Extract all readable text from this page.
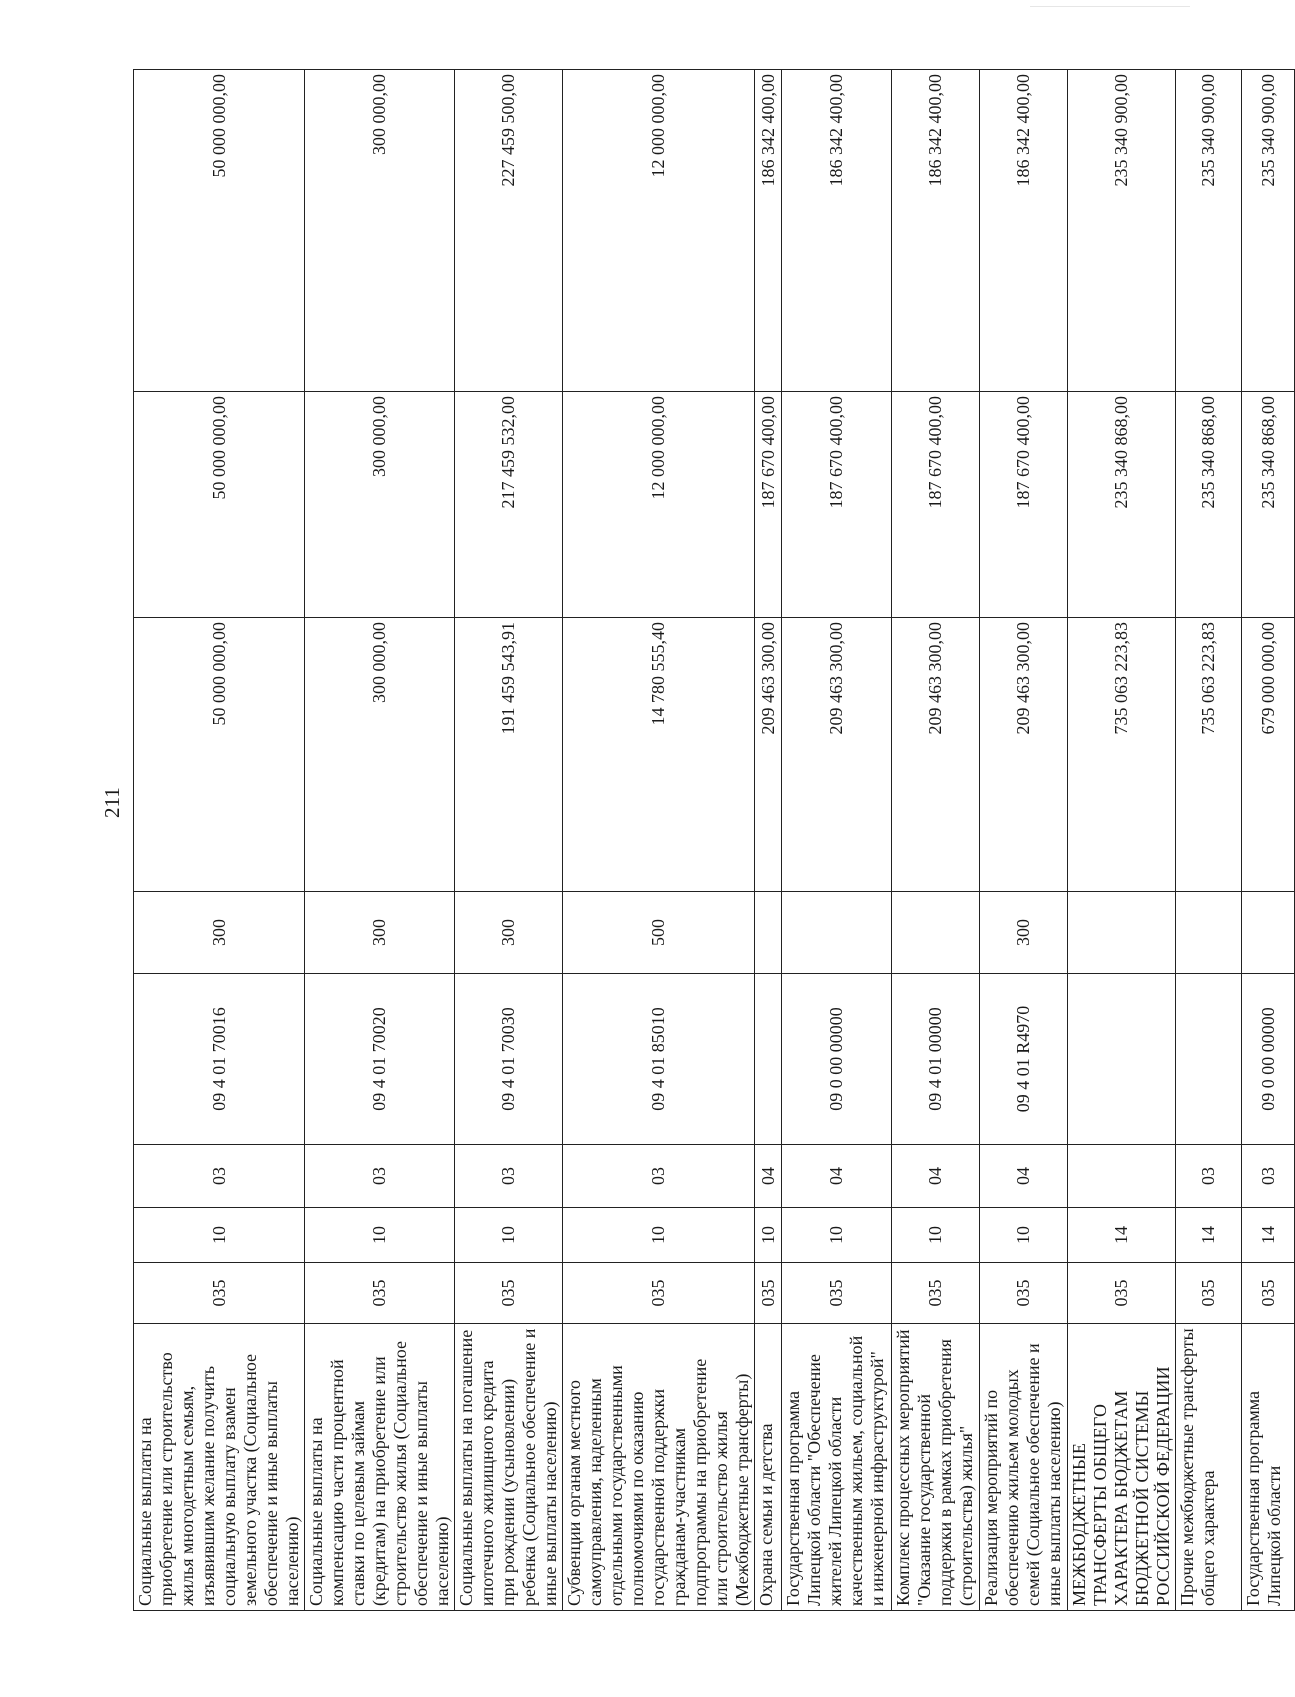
211
Социальные выплаты на приобретение или строительство жилья многодетным семьям, изъявившим желание получить социальную выплату взамен земельного участка (Социальное обеспечение и иные выплаты населению)	035	10	03	09 4 01 70016	300	50 000 000,00	50 000 000,00	50 000 000,00
Социальные выплаты на компенсацию части процентной ставки по целевым займам (кредитам) на приобретение или строительство жилья (Социальное обеспечение и иные выплаты населению)	035	10	03	09 4 01 70020	300	300 000,00	300 000,00	300 000,00
Социальные выплаты на погашение ипотечного жилищного кредита при рождении (усыновлении) ребенка (Социальное обеспечение и иные выплаты населению)	035	10	03	09 4 01 70030	300	191 459 543,91	217 459 532,00	227 459 500,00
Субвенции органам местного самоуправления, наделенным отдельными государственными полномочиями по оказанию государственной поддержки гражданам-участникам подпрограммы на приобретение или строительство жилья (Межбюджетные трансферты)	035	10	03	09 4 01 85010	500	14 780 555,40	12 000 000,00	12 000 000,00
Охрана семьи и детства	035	10	04			209 463 300,00	187 670 400,00	186 342 400,00
Государственная программа Липецкой области "Обеспечение жителей Липецкой области качественным жильем, социальной и инженерной инфраструктурой"	035	10	04	09 0 00 00000		209 463 300,00	187 670 400,00	186 342 400,00
Комплекс процессных мероприятий "Оказание государственной поддержки в рамках приобретения (строительства) жилья"	035	10	04	09 4 01 00000		209 463 300,00	187 670 400,00	186 342 400,00
Реализация мероприятий по обеспечению жильем молодых семей (Социальное обеспечение и иные выплаты населению)	035	10	04	09 4 01 R4970	300	209 463 300,00	187 670 400,00	186 342 400,00
МЕЖБЮДЖЕТНЫЕ ТРАНСФЕРТЫ ОБЩЕГО ХАРАКТЕРА БЮДЖЕТАМ БЮДЖЕТНОЙ СИСТЕМЫ РОССИЙСКОЙ ФЕДЕРАЦИИ	035	14				735 063 223,83	235 340 868,00	235 340 900,00
Прочие межбюджетные трансферты общего характера	035	14	03			735 063 223,83	235 340 868,00	235 340 900,00
Государственная программа Липецкой области	035	14	03	09 0 00 00000		679 000 000,00	235 340 868,00	235 340 900,00
